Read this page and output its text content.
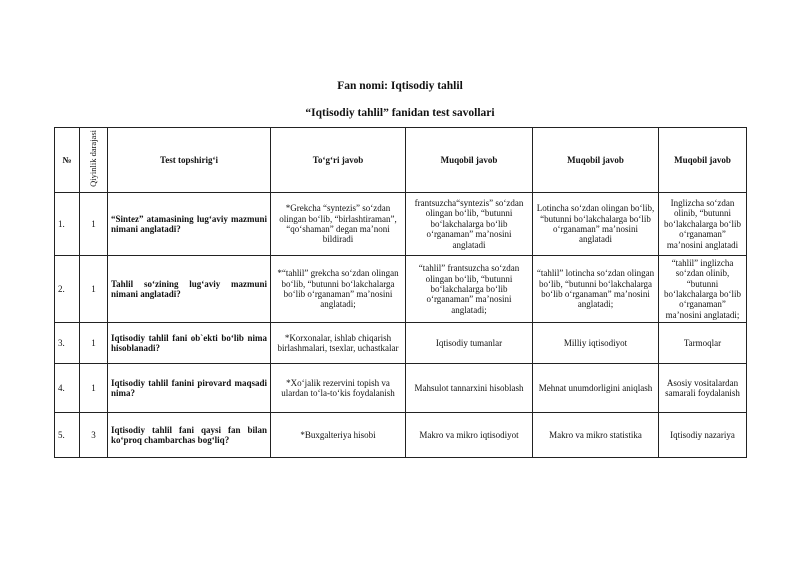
Fan nomi: Iqtisodiy tahlil
“Iqtisodiy tahlil” fanidan test savollari
№	Qiyinlik darajasi	Test topshirig‘i	To‘g‘ri javob	Muqobil javob	Muqobil javob	Muqobil javob
1.	1	“Sintez” atamasining lug‘aviy mazmuni nimani anglatadi?	*Grekcha “syntezis” so‘zdan olingan bo‘lib, “birlashtiraman”, “qo‘shaman” degan ma’noni bildiradi	frantsuzcha“syntezis” so‘zdan olingan bo‘lib, “butunni bo‘lakchalarga bo‘lib o‘rganaman” ma’nosini anglatadi	Lotincha so‘zdan olingan bo‘lib, “butunni bo‘lakchalarga bo‘lib o‘rganaman” ma’nosini anglatadi	Inglizcha so‘zdan olinib, “butunni bo‘lakchalarga bo‘lib o‘rganaman” ma’nosini anglatadi
2.	1	Tahlil so‘zining lug‘aviy mazmuni nimani anglatadi?	*“tahlil” grekcha so‘zdan olingan bo‘lib, “butunni bo‘lakchalarga bo‘lib o‘rganaman” ma’nosini anglatadi;	“tahlil” frantsuzcha so‘zdan olingan bo‘lib, “butunni bo‘lakchalarga bo‘lib o‘rganaman” ma’nosini anglatadi;	“tahlil” lotincha so‘zdan olingan bo‘lib, “butunni bo‘lakchalarga bo‘lib o‘rganaman” ma’nosini anglatadi;	“tahlil” inglizcha so‘zdan olinib, “butunni bo‘lakchalarga bo‘lib o‘rganaman” ma’nosini anglatadi;
3.	1	Iqtisodiy tahlil fani ob`ekti bo‘lib nima hisoblanadi?	*Korxonalar, ishlab chiqarish birlashmalari, tsexlar, uchastkalar	Iqtisodiy tumanlar	Milliy iqtisodiyot	Tarmoqlar
4.	1	Iqtisodiy tahlil fanini pirovard maqsadi nima?	*Xo‘jalik rezervini topish va ulardan to‘la-to‘kis foydalanish	Mahsulot tannarxini hisoblash	Mehnat unumdorligini aniqlash	Asosiy vositalardan samarali foydalanish
5.	3	Iqtisodiy tahlil fani qaysi fan bilan ko‘proq chambarchas bog‘liq?	*Buxgalteriya hisobi	Makro va mikro iqtisodiyot	Makro va mikro statistika	Iqtisodiy nazariya
